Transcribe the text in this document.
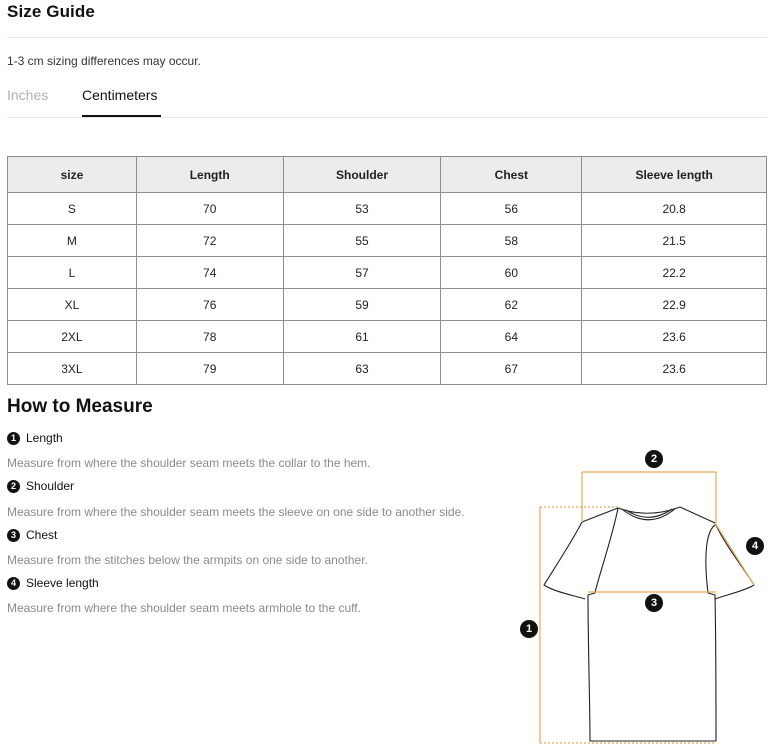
Size Guide
1-3 cm sizing differences may occur.
Inches Centimeters
size	Length	Shoulder	Chest	Sleeve length
S	70	53	56	20.8
M	72	55	58	21.5
L	74	57	60	22.2
XL	76	59	62	22.9
2XL	78	61	64	23.6
3XL	79	63	67	23.6
How to Measure
1 Length
Measure from where the shoulder seam meets the collar to the hem.
2 Shoulder
Measure from where the shoulder seam meets the sleeve on one side to another side.
3 Chest
Measure from the stitches below the armpits on one side to another.
4 Sleeve length
Measure from where the shoulder seam meets armhole to the cuff.
2
1
3
4
